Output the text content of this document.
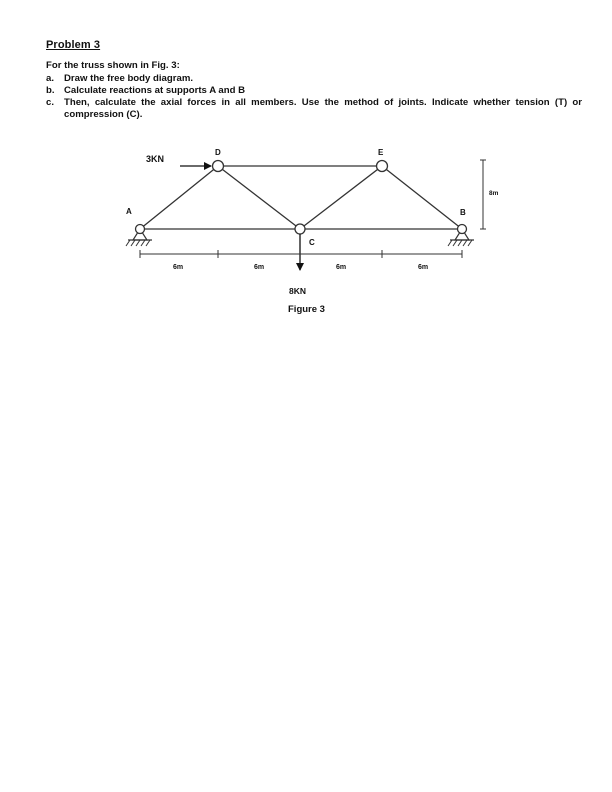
Problem 3
For the truss shown in Fig. 3:
a.	Draw the free body diagram.
b. Calculate reactions at supports A and B
c.	Then, calculate the axial forces in all members. Use the method of joints. Indicate whether tension (T) or compression (C).
A
D	E
C
B
3KN
8KN
6m	6m	6m	6m
8m
Figure 3
